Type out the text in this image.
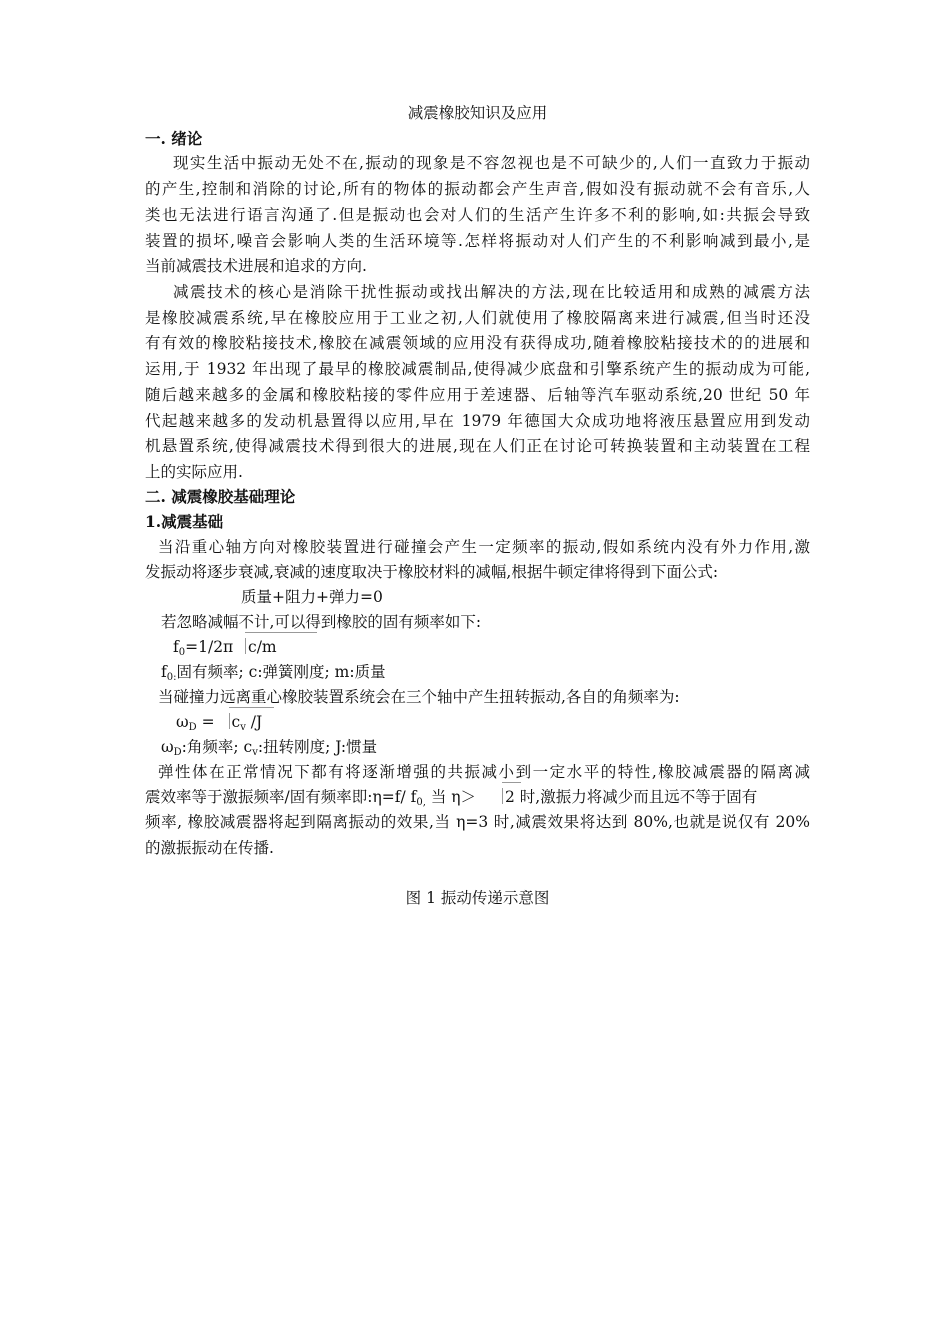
减震橡胶知识及应用
一. 绪论
现实生活中振动无处不在,振动的现象是不容忽视也是不可缺少的,人们一直致力于振动
的产生,控制和消除的讨论,所有的物体的振动都会产生声音,假如没有振动就不会有音乐,人
类也无法进行语言沟通了.但是振动也会对人们的生活产生许多不利的影响,如:共振会导致
装置的损坏,噪音会影响人类的生活环境等.怎样将振动对人们产生的不利影响减到最小,是
当前减震技术进展和追求的方向.
减震技术的核心是消除干扰性振动或找出解决的方法,现在比较适用和成熟的减震方法
是橡胶减震系统,早在橡胶应用于工业之初,人们就使用了橡胶隔离来进行减震,但当时还没
有有效的橡胶粘接技术,橡胶在减震领域的应用没有获得成功,随着橡胶粘接技术的的进展和
运用,于 1932 年出现了最早的橡胶减震制品,使得减少底盘和引擎系统产生的振动成为可能,
随后越来越多的金属和橡胶粘接的零件应用于差速器、后轴等汽车驱动系统,20 世纪 50 年
代起越来越多的发动机悬置得以应用,早在 1979 年德国大众成功地将液压悬置应用到发动
机悬置系统,使得减震技术得到很大的进展,现在人们正在讨论可转换装置和主动装置在工程
上的实际应用.
二. 减震橡胶基础理论
1.减震基础
当沿重心轴方向对橡胶装置进行碰撞会产生一定频率的振动,假如系统内没有外力作用,激
发振动将逐步衰减,衰减的速度取决于橡胶材料的减幅,根据牛顿定律将得到下面公式:
质量+阻力+弹力=0
若忽略减幅不计,可以得到橡胶的固有频率如下:
$f_0=1/2\pi$ c/m
$f_{0:}$固有频率; c:弹簧刚度; m:质量
当碰撞力远离重心橡胶装置系统会在三个轴中产生扭转振动,各自的角频率为:
$\omega_D$ =
$c_v$ /J
$\omega_D$:角频率; $c_v$:扭转刚度; J:惯量
弹性体在正常情况下都有将逐渐增强的共振减小到一定水平的特性,橡胶减震器的隔离减
震效率等于激振频率/固有频率即:η=f/ $f_{0,}$ 当 η＞ 2 时,激振力将减少而且远不等于固有
频率, 橡胶减震器将起到隔离振动的效果,当 η=3 时,减震效果将达到 80%,也就是说仅有 20%
的激振振动在传播.
图 1 振动传递示意图
